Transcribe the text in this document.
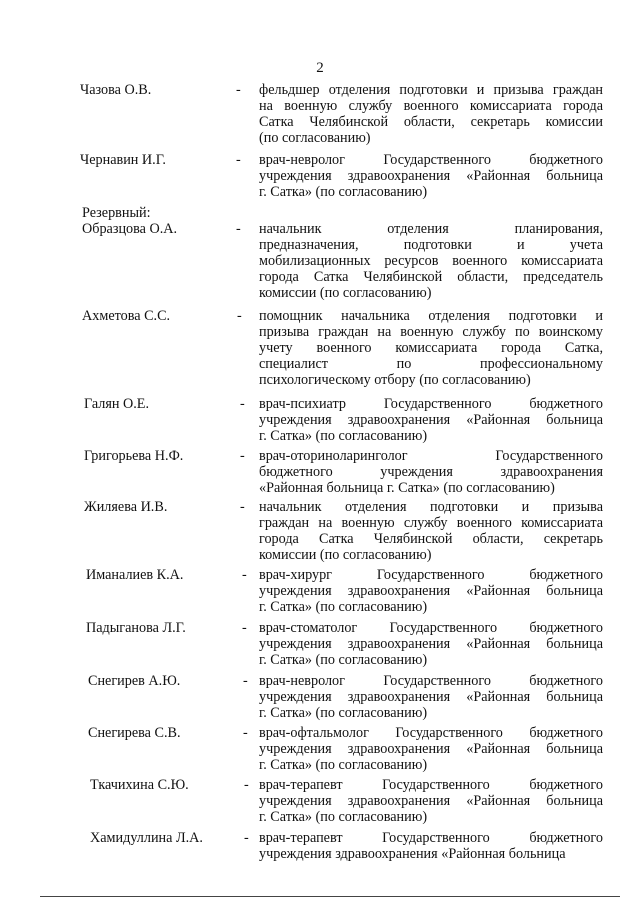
2
Резервный:
Чазова О.В.	- фельдшер отделения подготовки и призыва граждан
на военную службу военного комиссариата города
Сатка Челябинской области, секретарь комиссии
(по согласованию)
Чернавин И.Г.	- врач-невролог Государственного бюджетного
учреждения здравоохранения «Районная больница
г. Сатка» (по согласованию)
Образцова О.А.	- начальник отделения планирования,
предназначения, подготовки и учета
мобилизационных ресурсов военного комиссариата
города Сатка Челябинской области, председатель
комиссии (по согласованию)
Ахметова С.С.	- помощник начальника отделения подготовки и
призыва граждан на военную службу по воинскому
учету военного комиссариата города Сатка,
специалист по профессиональному
психологическому отбору (по согласованию)
Галян О.Е.	- врач-психиатр Государственного бюджетного
учреждения здравоохранения «Районная больница
г. Сатка» (по согласованию)
Григорьева Н.Ф.	- врач-оториноларинголог Государственного
бюджетного учреждения здравоохранения
«Районная больница г. Сатка» (по согласованию)
Жиляева И.В.	- начальник отделения подготовки и призыва
граждан на военную службу военного комиссариата
города Сатка Челябинской области, секретарь
комиссии (по согласованию)
Иманалиев К.А.	- врач-хирург Государственного бюджетного
учреждения здравоохранения «Районная больница
г. Сатка» (по согласованию)
Падыганова Л.Г.	- врач-стоматолог Государственного бюджетного
учреждения здравоохранения «Районная больница
г. Сатка» (по согласованию)
Снегирев А.Ю.	- врач-невролог Государственного бюджетного
учреждения здравоохранения «Районная больница
г. Сатка» (по согласованию)
Снегирева С.В.	- врач-офтальмолог Государственного бюджетного
учреждения здравоохранения «Районная больница
г. Сатка» (по согласованию)
Ткачихина С.Ю.	- врач-терапевт Государственного бюджетного
учреждения здравоохранения «Районная больница
г. Сатка» (по согласованию)
Хамидуллина Л.А.	- врач-терапевт Государственного бюджетного
учреждения здравоохранения «Районная больница
